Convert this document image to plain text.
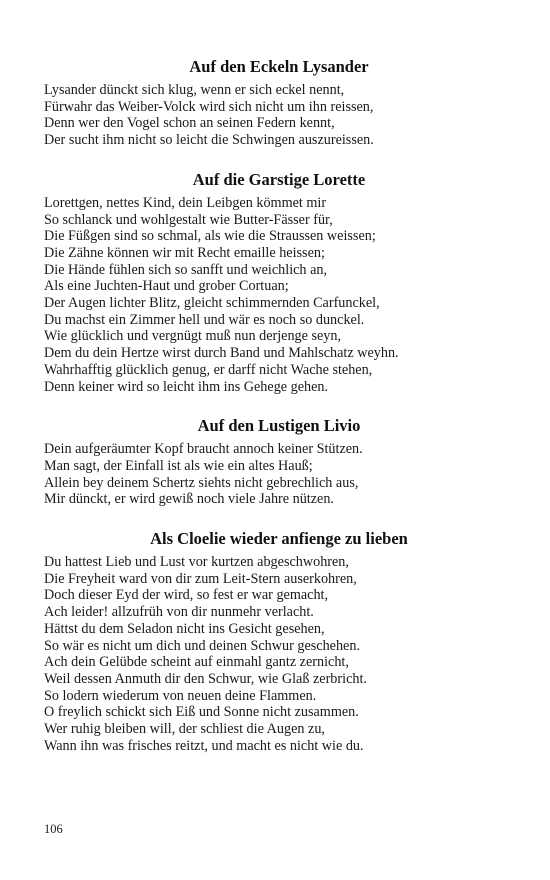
Auf den Eckeln Lysander
Lysander dünckt sich klug, wenn er sich eckel nennt,
Fürwahr das Weiber-Volck wird sich nicht um ihn reissen,
Denn wer den Vogel schon an seinen Federn kennt,
Der sucht ihm nicht so leicht die Schwingen auszureissen.
Auf die Garstige Lorette
Lorettgen, nettes Kind, dein Leibgen kömmet mir
So schlanck und wohlgestalt wie Butter-Fässer für,
Die Füßgen sind so schmal, als wie die Straussen weissen;
Die Zähne können wir mit Recht emaille heissen;
Die Hände fühlen sich so sanfft und weichlich an,
Als eine Juchten-Haut und grober Cortuan;
Der Augen lichter Blitz, gleicht schimmernden Carfunckel,
Du machst ein Zimmer hell und wär es noch so dunckel.
Wie glücklich und vergnügt muß nun derjenge seyn,
Dem du dein Hertze wirst durch Band und Mahlschatz weyhn.
Wahrhafftig glücklich genug, er darff nicht Wache stehen,
Denn keiner wird so leicht ihm ins Gehege gehen.
Auf den Lustigen Livio
Dein aufgeräumter Kopf braucht annoch keiner Stützen.
Man sagt, der Einfall ist als wie ein altes Hauß;
Allein bey deinem Schertz siehts nicht gebrechlich aus,
Mir dünckt, er wird gewiß noch viele Jahre nützen.
Als Cloelie wieder anfienge zu lieben
Du hattest Lieb und Lust vor kurtzen abgeschwohren,
Die Freyheit ward von dir zum Leit-Stern auserkohren,
Doch dieser Eyd der wird, so fest er war gemacht,
Ach leider! allzufrüh von dir nunmehr verlacht.
Hättst du dem Seladon nicht ins Gesicht gesehen,
So wär es nicht um dich und deinen Schwur geschehen.
Ach dein Gelübde scheint auf einmahl gantz zernicht,
Weil dessen Anmuth dir den Schwur, wie Glaß zerbricht.
So lodern wiederum von neuen deine Flammen.
O freylich schickt sich Eiß und Sonne nicht zusammen.
Wer ruhig bleiben will, der schliest die Augen zu,
Wann ihn was frisches reitzt, und macht es nicht wie du.
106
